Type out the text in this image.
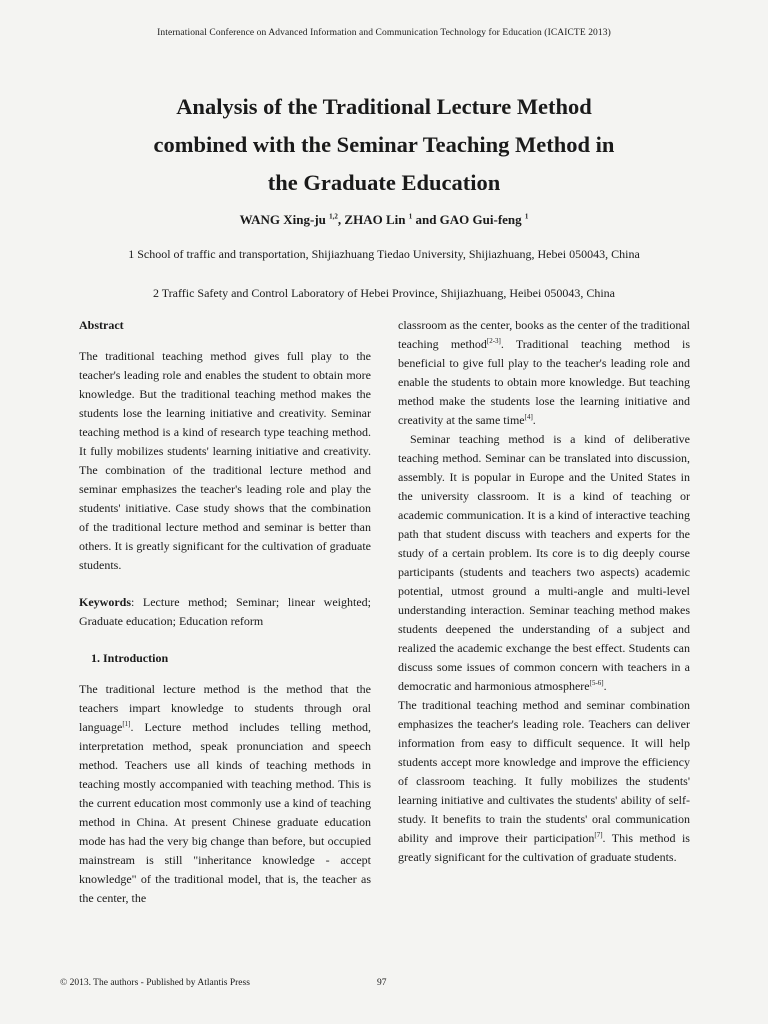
International Conference on Advanced Information and Communication Technology for Education (ICAICTE 2013)
Analysis of the Traditional Lecture Method
combined with the Seminar Teaching Method in
the Graduate Education
WANG Xing-ju $^{1,2}$, ZHAO Lin $^1$ and GAO Gui-feng $^1$
1 School of traffic and transportation, Shijiazhuang Tiedao University, Shijiazhuang, Hebei 050043, China
2 Traffic Safety and Control Laboratory of Hebei Province, Shijiazhuang, Heibei 050043, China

Abstract

The traditional teaching method gives full play to the teacher's leading role and enables the student to obtain more knowledge. But the traditional teaching method makes the students lose the learning initiative and creativity. Seminar teaching method is a kind of research type teaching method. It fully mobilizes students' learning initiative and creativity. The combination of the traditional lecture method and seminar emphasizes the teacher's leading role and play the students' initiative. Case study shows that the combination of the traditional lecture method and seminar is better than others. It is greatly significant for the cultivation of graduate students.

Keywords: Lecture method; Seminar; linear weighted; Graduate education; Education reform

1. Introduction

The traditional lecture method is the method that the teachers impart knowledge to students through oral language[1]. Lecture method includes telling method, interpretation method, speak pronunciation and speech method. Teachers use all kinds of teaching methods in teaching mostly accompanied with teaching method. This is the current education most commonly use a kind of teaching method in China. At present Chinese graduate education mode has had the very big change than before, but occupied mainstream is still "inheritance knowledge - accept knowledge" of the traditional model, that is, the teacher as the center, the

classroom as the center, books as the center of the traditional teaching method[2-3]. Traditional teaching method is beneficial to give full play to the teacher's leading role and enable the students to obtain more knowledge. But teaching method make the students lose the learning initiative and creativity at the same time[4].

Seminar teaching method is a kind of deliberative teaching method. Seminar can be translated into discussion, assembly. It is popular in Europe and the United States in the university classroom. It is a kind of teaching or academic communication. It is a kind of interactive teaching path that student discuss with teachers and experts for the study of a certain problem. Its core is to dig deeply course participants (students and teachers two aspects) academic potential, utmost ground a multi-angle and multi-level understanding interaction. Seminar teaching method makes students deepened the understanding of a subject and realized the academic exchange the best effect. Students can discuss some issues of common concern with teachers in a democratic and harmonious atmosphere[5-6].

The traditional teaching method and seminar combination emphasizes the teacher's leading role. Teachers can deliver information from easy to difficult sequence. It will help students accept more knowledge and improve the efficiency of classroom teaching. It fully mobilizes the students' learning initiative and cultivates the students' ability of self-study. It benefits to train the students' oral communication ability and improve their participation[7]. This method is greatly significant for the cultivation of graduate students.

© 2013. The authors - Published by Atlantis Press	97
